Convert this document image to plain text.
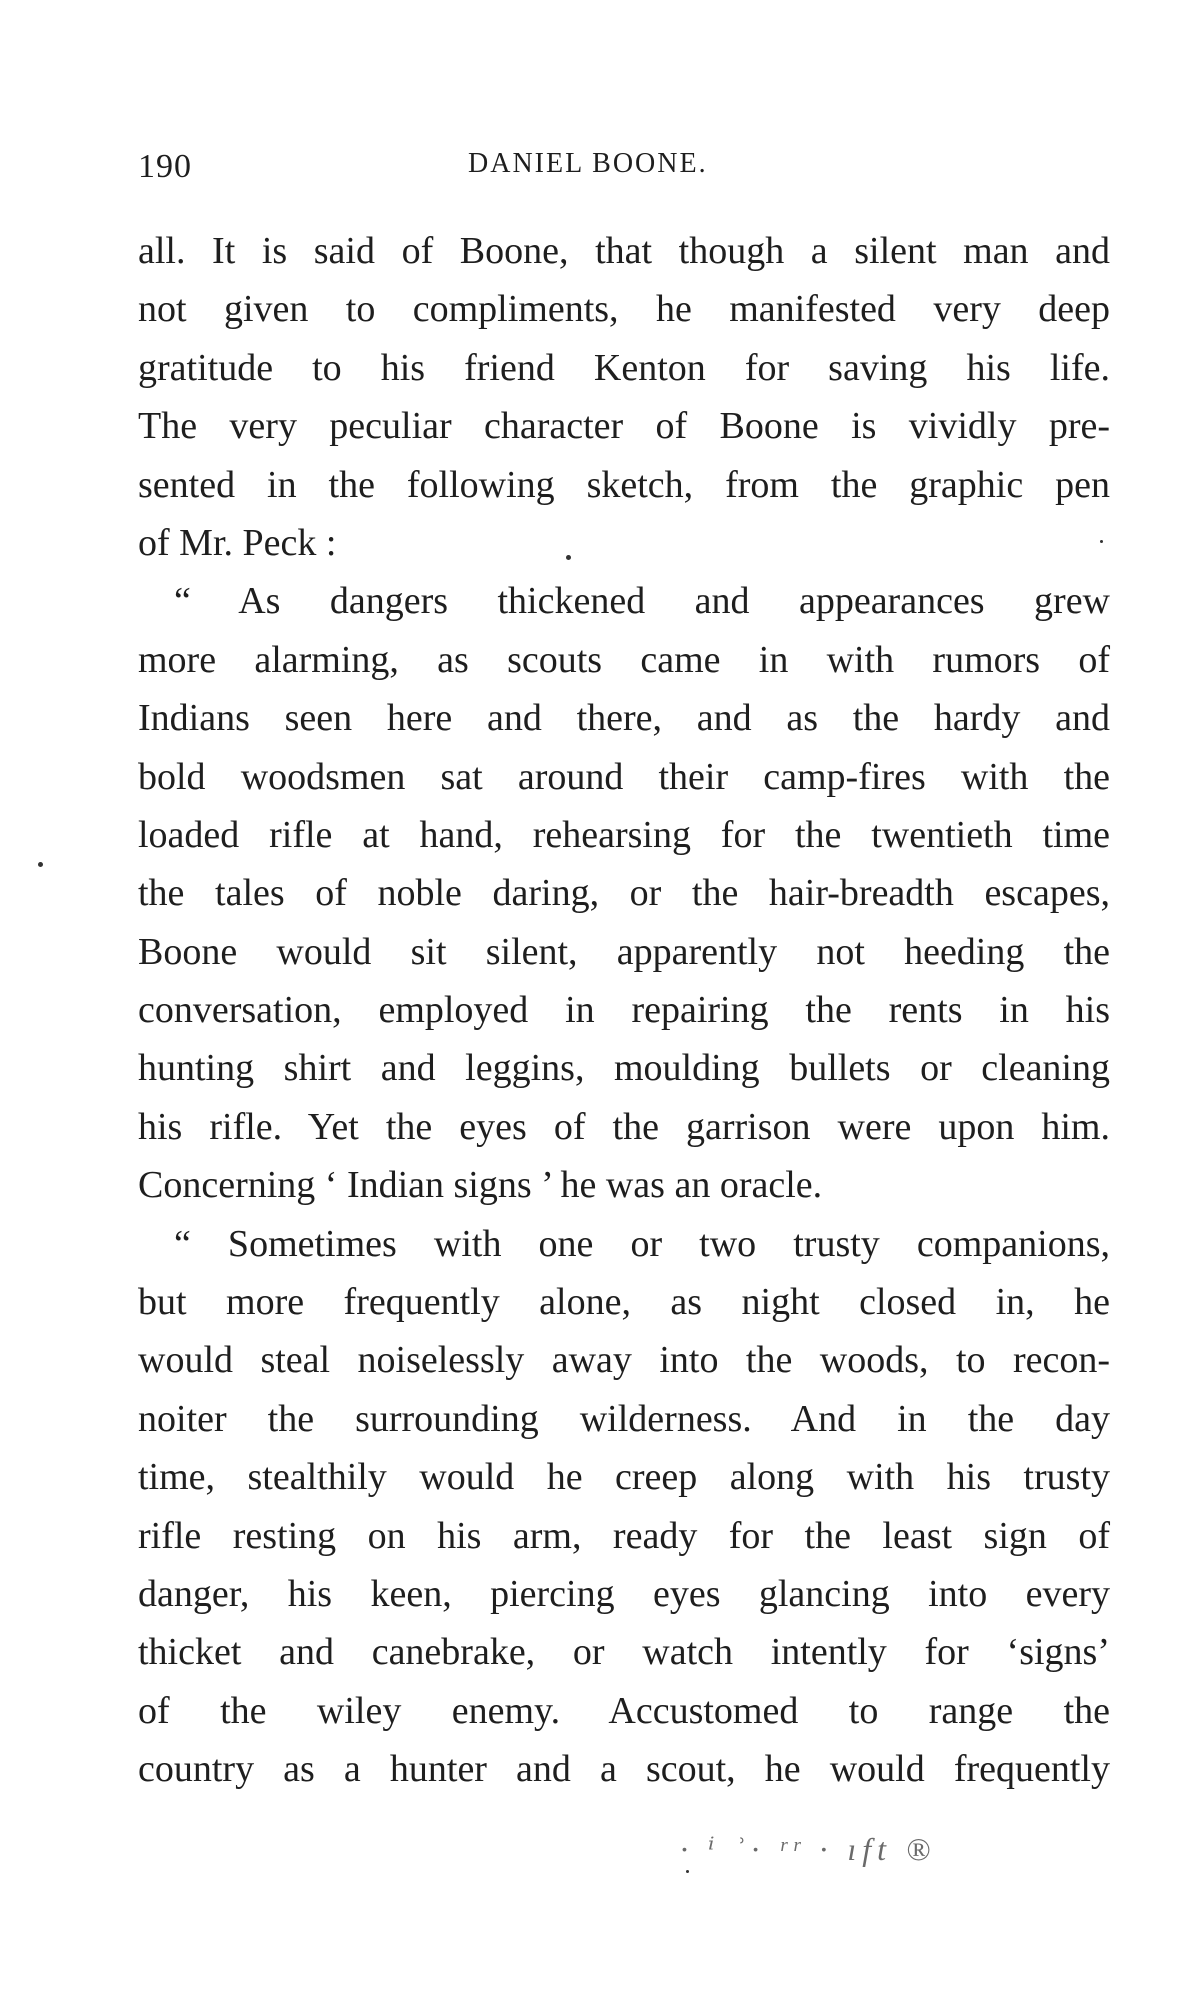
190	DANIEL BOONE.
all. It is said of Boone, that though a silent man and
not given to compliments, he manifested very deep
gratitude to his friend Kenton for saving his life.
The very peculiar character of Boone is vividly pre-
sented in the following sketch, from the graphic pen
of Mr. Peck :
“ As dangers thickened and appearances grew
more alarming, as scouts came in with rumors of
Indians seen here and there, and as the hardy and
bold woodsmen sat around their camp-fires with the
loaded rifle at hand, rehearsing for the twentieth time
the tales of noble daring, or the hair-breadth escapes,
Boone would sit silent, apparently not heeding the
conversation, employed in repairing the rents in his
hunting shirt and leggins, moulding bullets or cleaning
his rifle. Yet the eyes of the garrison were upon him.
Concerning ‘ Indian signs ’ he was an oracle.
“ Sometimes with one or two trusty companions,
but more frequently alone, as night closed in, he
would steal noiselessly away into the woods, to recon-
noiter the surrounding wilderness. And in the day
time, stealthily would he creep along with his trusty
rifle resting on his arm, ready for the least sign of
danger, his keen, piercing eyes glancing into every
thicket and canebrake, or watch intently for ‘signs’
of the wiley enemy. Accustomed to range the
country as a hunter and a scout, he would frequently
· ⁱ ʾ· ʳʳ · ıft ®
